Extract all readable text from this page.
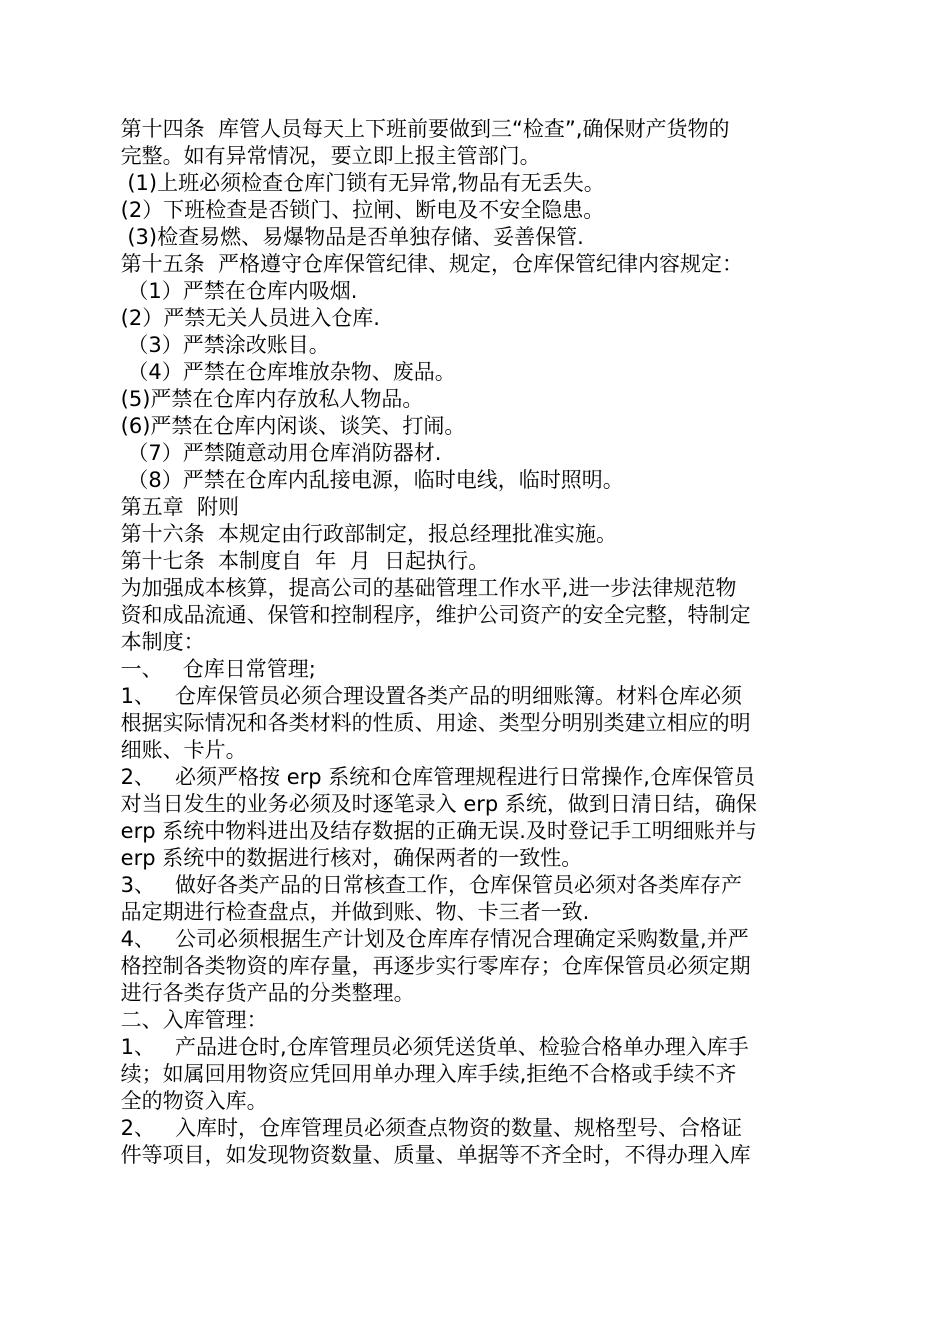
第十四条  库管人员每天上下班前要做到三“检查”,确保财产货物的

完整。如有异常情况，要立即上报主管部门。

(1)上班必须检查仓库门锁有无异常,物品有无丢失。

(2）下班检查是否锁门、拉闸、断电及不安全隐患。

(3)检查易燃、易爆物品是否单独存储、妥善保管.

第十五条  严格遵守仓库保管纪律、规定，仓库保管纪律内容规定：

（1）严禁在仓库内吸烟.

(2）严禁无关人员进入仓库.

（3）严禁涂改账目。

（4）严禁在仓库堆放杂物、废品。

(5)严禁在仓库内存放私人物品。

(6)严禁在仓库内闲谈、谈笑、打闹。

（7）严禁随意动用仓库消防器材.

（8）严禁在仓库内乱接电源，临时电线，临时照明。

第五章  附则

第十六条  本规定由行政部制定，报总经理批准实施。

第十七条  本制度自  年  月  日起执行。

为加强成本核算，提高公司的基础管理工作水平,进一步法律规范物

资和成品流通、保管和控制程序，维护公司资产的安全完整，特制定

本制度：

一、   仓库日常管理;

1、   仓库保管员必须合理设置各类产品的明细账簿。材料仓库必须

根据实际情况和各类材料的性质、用途、类型分明别类建立相应的明

细账、卡片。

2、   必须严格按 erp 系统和仓库管理规程进行日常操作,仓库保管员

对当日发生的业务必须及时逐笔录入 erp 系统，做到日清日结，确保

erp 系统中物料进出及结存数据的正确无误.及时登记手工明细账并与

erp 系统中的数据进行核对，确保两者的一致性。

3、   做好各类产品的日常核查工作，仓库保管员必须对各类库存产

品定期进行检查盘点，并做到账、物、卡三者一致.

4、   公司必须根据生产计划及仓库库存情况合理确定采购数量,并严

格控制各类物资的库存量，再逐步实行零库存；仓库保管员必须定期

进行各类存货产品的分类整理。

二、入库管理：

1、   产品进仓时,仓库管理员必须凭送货单、检验合格单办理入库手

续；如属回用物资应凭回用单办理入库手续,拒绝不合格或手续不齐

全的物资入库。

2、   入库时，仓库管理员必须查点物资的数量、规格型号、合格证

件等项目，如发现物资数量、质量、单据等不齐全时，不得办理入库
